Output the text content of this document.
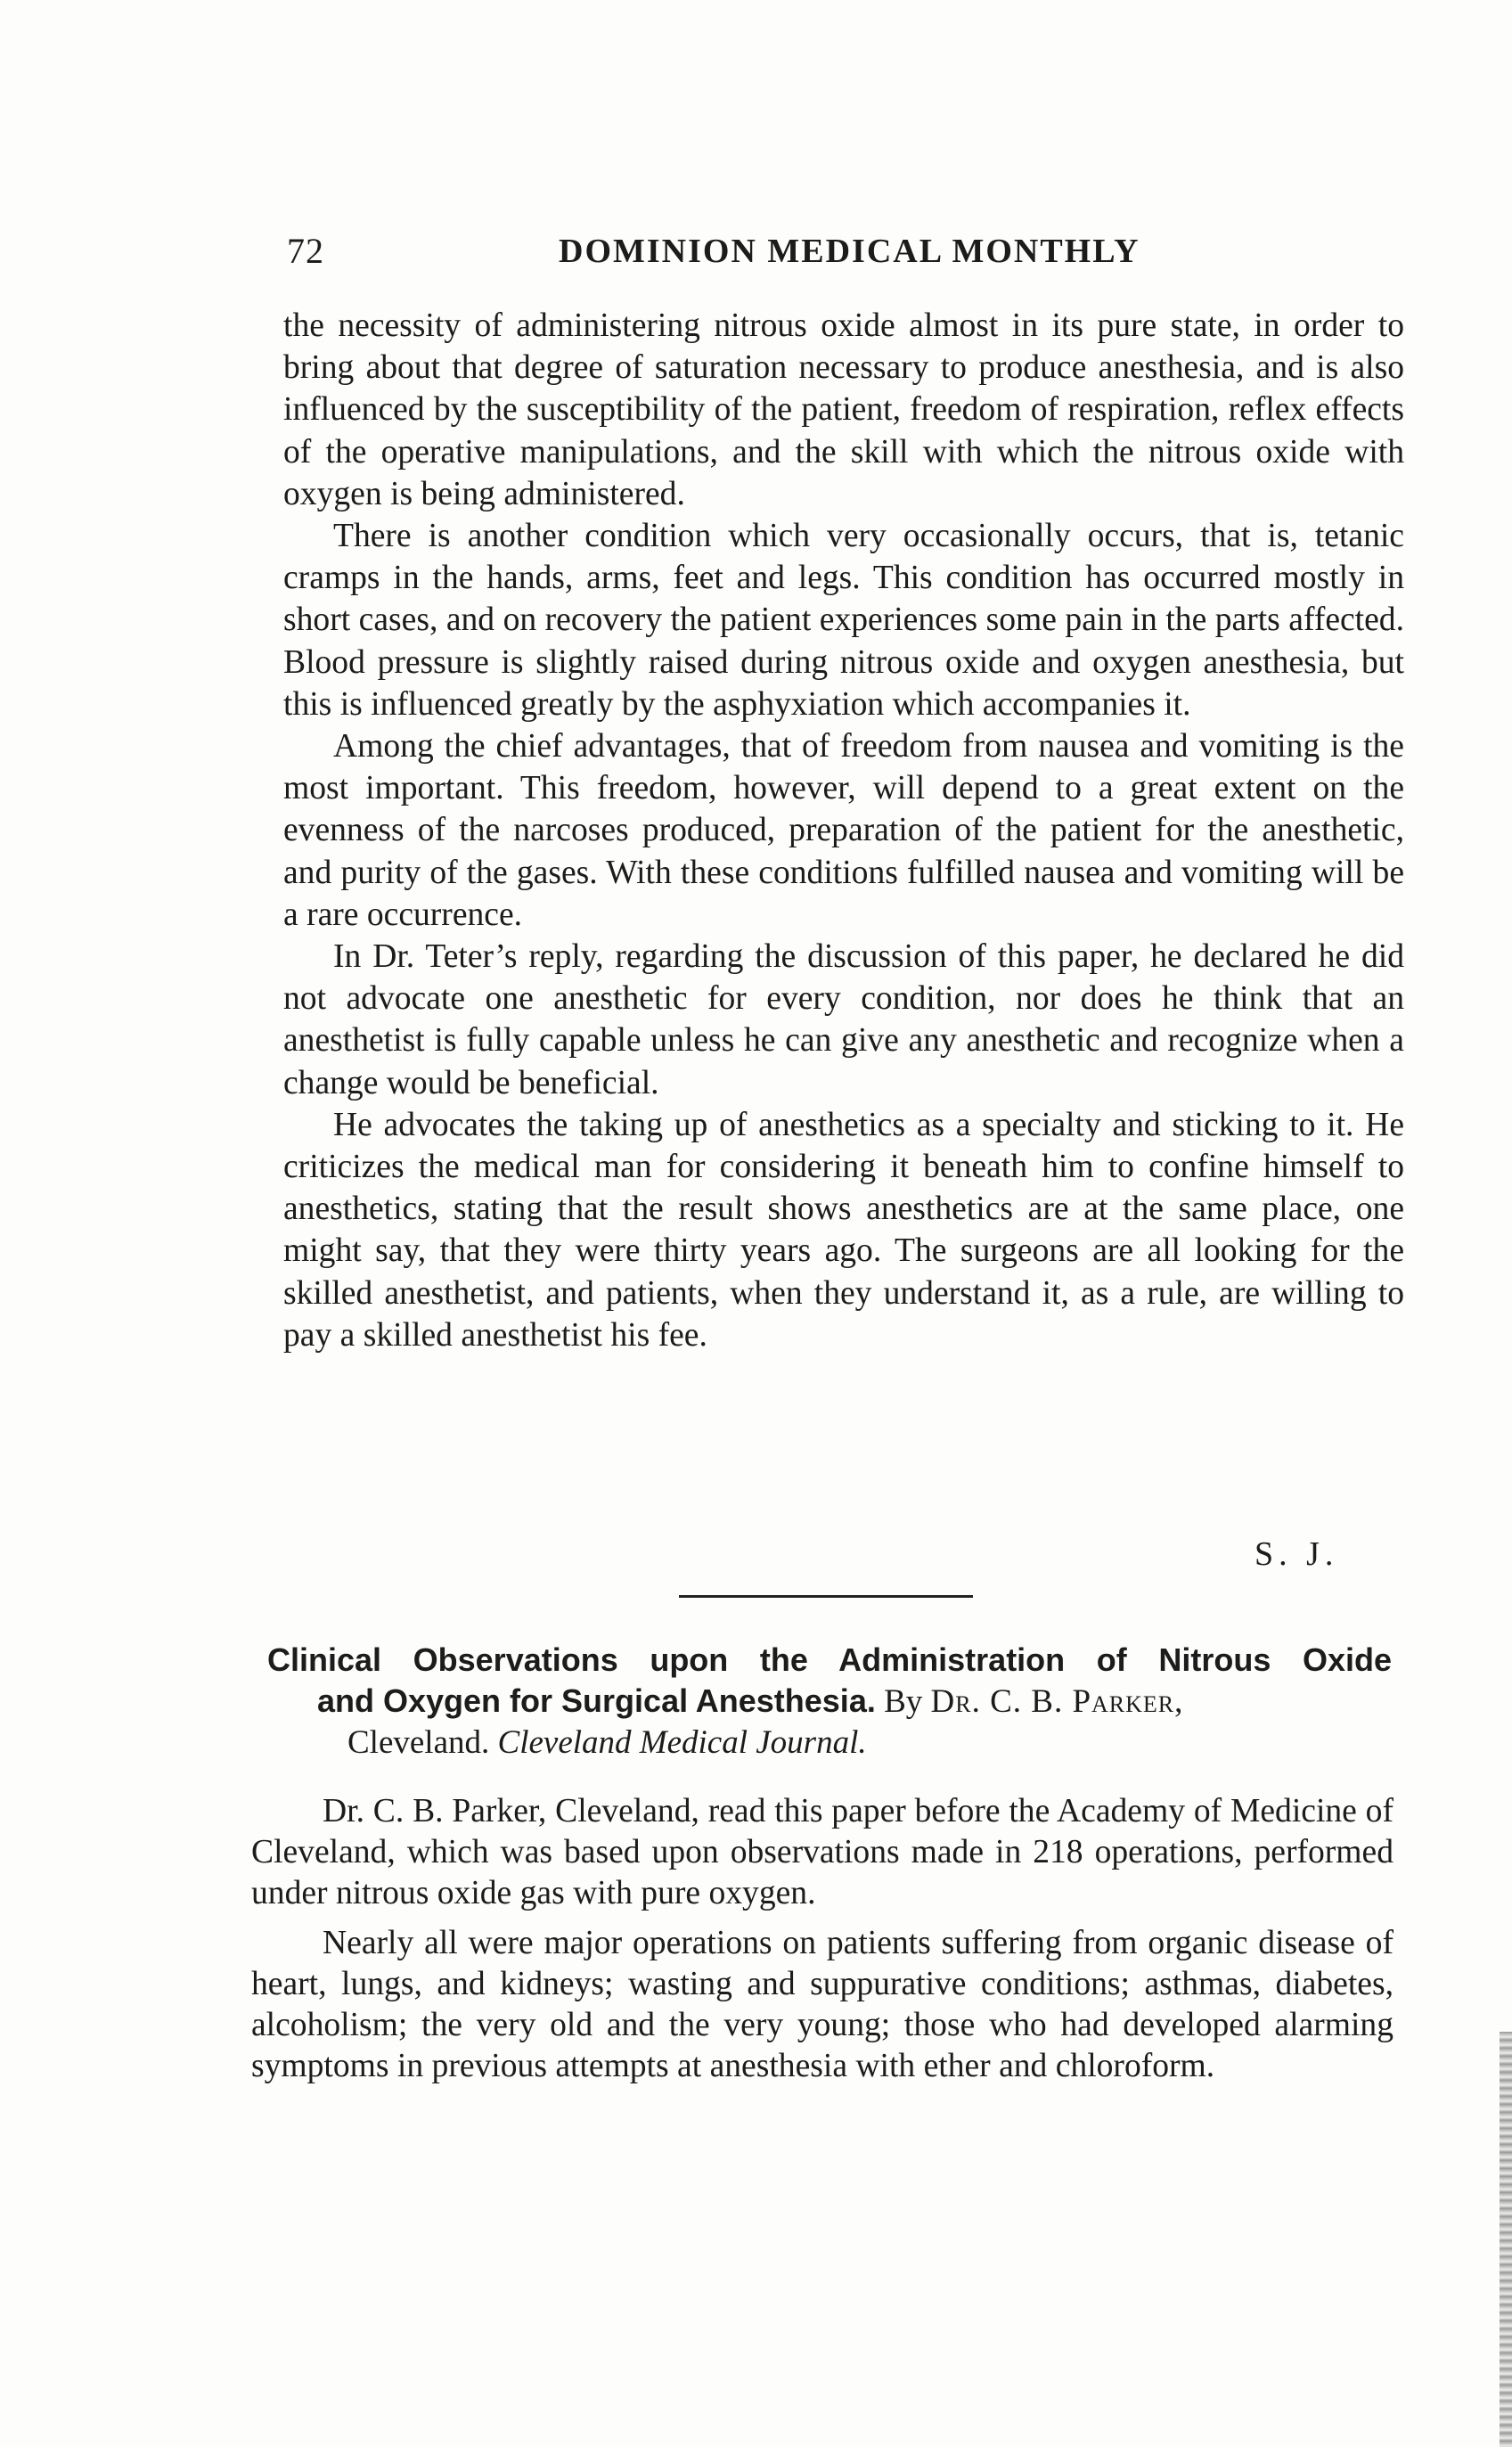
72	DOMINION MEDICAL MONTHLY

the necessity of administering nitrous oxide almost in its pure state, in order to bring about that degree of saturation necessary to produce anesthesia, and is also influenced by the susceptibility of the patient, freedom of respiration, reflex effects of the operative manipulations, and the skill with which the nitrous oxide with oxygen is being administered.

There is another condition which very occasionally occurs, that is, tetanic cramps in the hands, arms, feet and legs. This condition has occurred mostly in short cases, and on recovery the patient experiences some pain in the parts affected. Blood pressure is slightly raised during nitrous oxide and oxygen anesthesia, but this is influenced greatly by the asphyxiation which accompanies it.

Among the chief advantages, that of freedom from nausea and vomiting is the most important. This freedom, however, will depend to a great extent on the evenness of the narcoses produced, preparation of the patient for the anesthetic, and purity of the gases. With these conditions fulfilled nausea and vomiting will be a rare occurrence.

In Dr. Teter’s reply, regarding the discussion of this paper, he declared he did not advocate one anesthetic for every condition, nor does he think that an anesthetist is fully capable unless he can give any anesthetic and recognize when a change would be beneficial.

He advocates the taking up of anesthetics as a specialty and sticking to it. He criticizes the medical man for considering it beneath him to confine himself to anesthetics, stating that the result shows anesthetics are at the same place, one might say, that they were thirty years ago. The surgeons are all looking for the skilled anesthetist, and patients, when they understand it, as a rule, are willing to pay a skilled anesthetist his fee.

S. J.

Clinical Observations upon the Administration of Nitrous Oxide

and Oxygen for Surgical Anesthesia. By Dr. C. B. Parker,

Cleveland. Cleveland Medical Journal.

Dr. C. B. Parker, Cleveland, read this paper before the Academy of Medicine of Cleveland, which was based upon observations made in 218 operations, performed under nitrous oxide gas with pure oxygen.

Nearly all were major operations on patients suffering from organic disease of heart, lungs, and kidneys; wasting and suppurative conditions; asthmas, diabetes, alcoholism; the very old and the very young; those who had developed alarming symptoms in previous attempts at anesthesia with ether and chloroform.
